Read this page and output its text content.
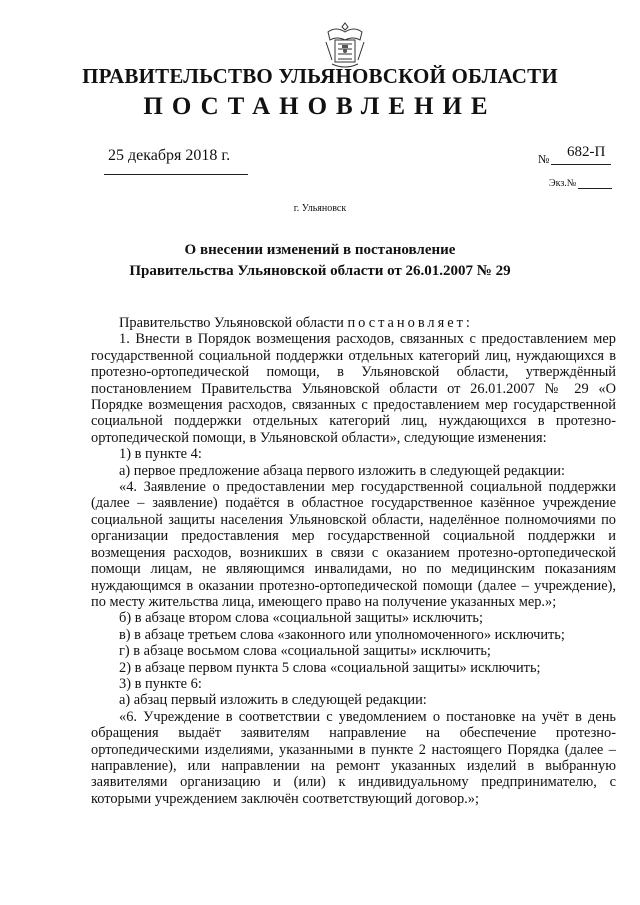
ПРАВИТЕЛЬСТВО УЛЬЯНОВСКОЙ ОБЛАСТИ
ПОСТАНОВЛЕНИЕ
25 декабря 2018 г.	№ 682-П
Экз.№
г. Ульяновск
О внесении изменений в постановление
Правительства Ульяновской области от 26.01.2007 № 29

Правительство Ульяновской области постановляет:

1. Внести в Порядок возмещения расходов, связанных с предоставлением мер государственной социальной поддержки отдельных категорий лиц, нуждающихся в протезно-ортопедической помощи, в Ульяновской области, утверждённый постановлением Правительства Ульяновской области от 26.01.2007 № 29 «О Порядке возмещения расходов, связанных с предоставлением мер государственной социальной поддержки отдельных категорий лиц, нуждающихся в протезно-ортопедической помощи, в Ульяновской области», следующие изменения:

1) в пункте 4:

а) первое предложение абзаца первого изложить в следующей редакции:

«4. Заявление о предоставлении мер государственной социальной поддержки (далее – заявление) подаётся в областное государственное казённое учреждение социальной защиты населения Ульяновской области, наделённое полномочиями по организации предоставления мер государственной социальной поддержки и возмещения расходов, возникших в связи с оказанием протезно-ортопедической помощи лицам, не являющимся инвалидами, но по медицинским показаниям нуждающимся в оказании протезно-ортопедической помощи (далее – учреждение), по месту жительства лица, имеющего право на получение указанных мер.»;

б) в абзаце втором слова «социальной защиты» исключить;

в) в абзаце третьем слова «законного или уполномоченного» исключить;

г) в абзаце восьмом слова «социальной защиты» исключить;

2) в абзаце первом пункта 5 слова «социальной защиты» исключить;

3) в пункте 6:

а) абзац первый изложить в следующей редакции:

«6. Учреждение в соответствии с уведомлением о постановке на учёт в день обращения выдаёт заявителям направление на обеспечение протезно-ортопедическими изделиями, указанными в пункте 2 настоящего Порядка (далее – направление), или направлении на ремонт указанных изделий в выбранную заявителями организацию и (или) к индивидуальному предпринимателю, с которыми учреждением заключён соответствующий договор.»;
